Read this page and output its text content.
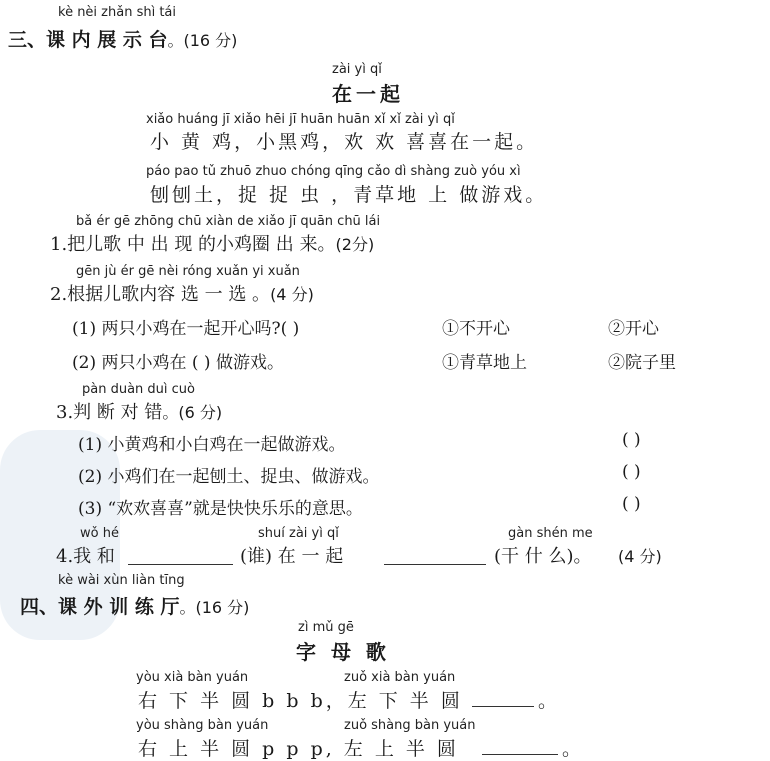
kè nèi zhǎn shì tái
三、课 内 展 示 台。(16 分)
zài yì qǐ
在一起
xiǎo huáng jī xiǎo hēi jī huān huān xǐ xǐ zài yì qǐ
小 黄 鸡，小黑鸡，欢 欢 喜喜在一起。
páo pao tǔ zhuō zhuo chóng qīng cǎo dì shàng zuò yóu xì
刨刨土，捉 捉 虫 ，青草地 上 做游戏。
bǎ ér gē zhōng chū xiàn de xiǎo jī quān chū lái
1.把儿歌 中 出 现 的小鸡圈 出 来。(2分)
gēn jù ér gē nèi róng xuǎn yi xuǎn
2.根据儿歌内容 选 一 选 。(4 分)
(1) 两只小鸡在一起开心吗?( )	①不开心	②开心
(2) 两只小鸡在 ( ) 做游戏。	①青草地上	②院子里
pàn duàn duì cuò
3.判 断 对 错。(6 分)
(1) 小黄鸡和小白鸡在一起做游戏。	( )
(2) 小鸡们在一起刨土、捉虫、做游戏。	( )
(3) “欢欢喜喜”就是快快乐乐的意思。	( )
wǒ hé	shuí zài yì qǐ	gàn shén me
4.我 和	(谁) 在 一 起	(干 什 么)。 (4 分)
kè wài xùn liàn tīng
四、课 外 训 练 厅。(16 分)
zì mǔ gē
字 母 歌
yòu xià bàn yuán	zuǒ xià bàn yuán
右 下 半 圆 b b b，左 下 半 圆	。
yòu shàng bàn yuán	zuǒ shàng bàn yuán
右 上 半 圆 p p p, 左 上 半 圆	。
